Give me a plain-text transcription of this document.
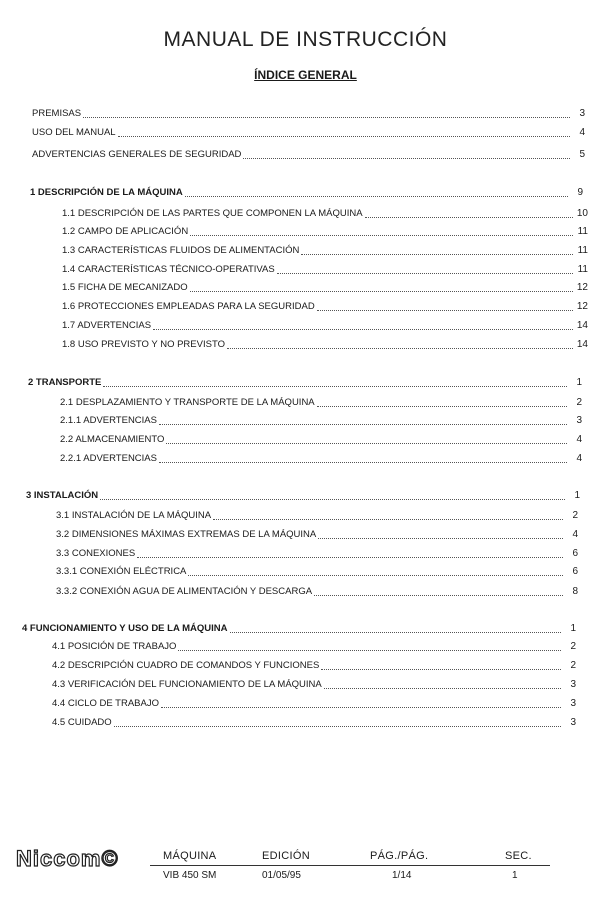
MANUAL DE INSTRUCCIÓN
ÍNDICE GENERAL
PREMISAS	3
USO DEL MANUAL	4
ADVERTENCIAS GENERALES DE SEGURIDAD	5
1 DESCRIPCIÓN DE LA MÁQUINA	9
1.1 DESCRIPCIÓN DE LAS PARTES QUE COMPONEN LA MÁQUINA	10
1.2 CAMPO DE APLICACIÓN	11
1.3 CARACTERÍSTICAS FLUIDOS DE ALIMENTACIÓN	11
1.4 CARACTERÍSTICAS TÉCNICO-OPERATIVAS	11
1.5 FICHA DE MECANIZADO	12
1.6 PROTECCIONES EMPLEADAS PARA LA SEGURIDAD	12
1.7 ADVERTENCIAS	14
1.8 USO PREVISTO Y NO PREVISTO	14
2 TRANSPORTE	1
2.1 DESPLAZAMIENTO Y TRANSPORTE DE LA MÁQUINA	2
2.1.1 ADVERTENCIAS	3
2.2 ALMACENAMIENTO	4
2.2.1 ADVERTENCIAS	4
3 INSTALACIÓN	1
3.1 INSTALACIÓN DE LA MÁQUINA	2
3.2 DIMENSIONES MÁXIMAS EXTREMAS DE LA MÁQUINA	4
3.3 CONEXIONES	6
3.3.1 CONEXIÓN ELÉCTRICA	6
3.3.2 CONEXIÓN AGUA DE ALIMENTACIÓN Y DESCARGA	8
4 FUNCIONAMIENTO Y USO DE LA MÁQUINA	1
4.1 POSICIÓN DE TRABAJO	2
4.2 DESCRIPCIÓN CUADRO DE COMANDOS Y FUNCIONES	2
4.3 VERIFICACIÓN DEL FUNCIONAMIENTO DE LA MÁQUINA	3
4.4 CICLO DE TRABAJO	3
4.5 CUIDADO	3
Niccom©	MÁQUINA	EDICIÓN	PÁG./PÁG.	SEC.
VIB 450 SM	01/05/95	1/14	1
